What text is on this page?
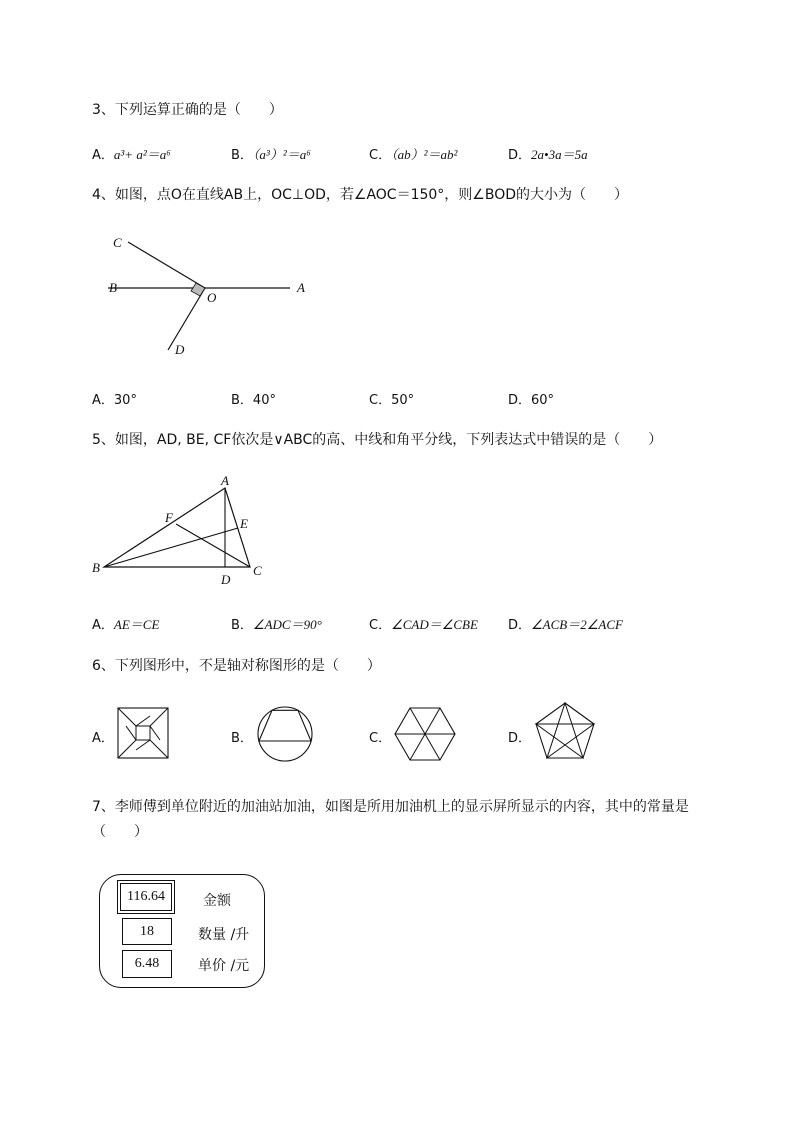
3、下列运算正确的是（　　）
A．a³+ a²＝a⁶	B．（a³）²＝a⁶	C．（ab）²＝ab²	D．2a•3a＝5a
4、如图，点O在直线AB上，OC⊥OD，若∠AOC＝150°，则∠BOD的大小为（　　）
C
B
O
A
D
A．30°	B．40°	C．50°	D．60°
5、如图，AD, BE, CF依次是∨ABC的高、中线和角平分线，下列表达式中错误的是（　　）
A
F	E
B
D
C
A．AE＝CE	B．∠ADC＝90°	C．∠CAD＝∠CBE D．∠ACB＝2∠ACF
6、下列图形中，不是轴对称图形的是（　　）
A．	B．	C．	D．
7、李师傅到单位附近的加油站加油，如图是所用加油机上的显示屏所显示的内容，其中的常量是
（　　）
116.64	金额
18	数量 /升
6.48	单价 /元
